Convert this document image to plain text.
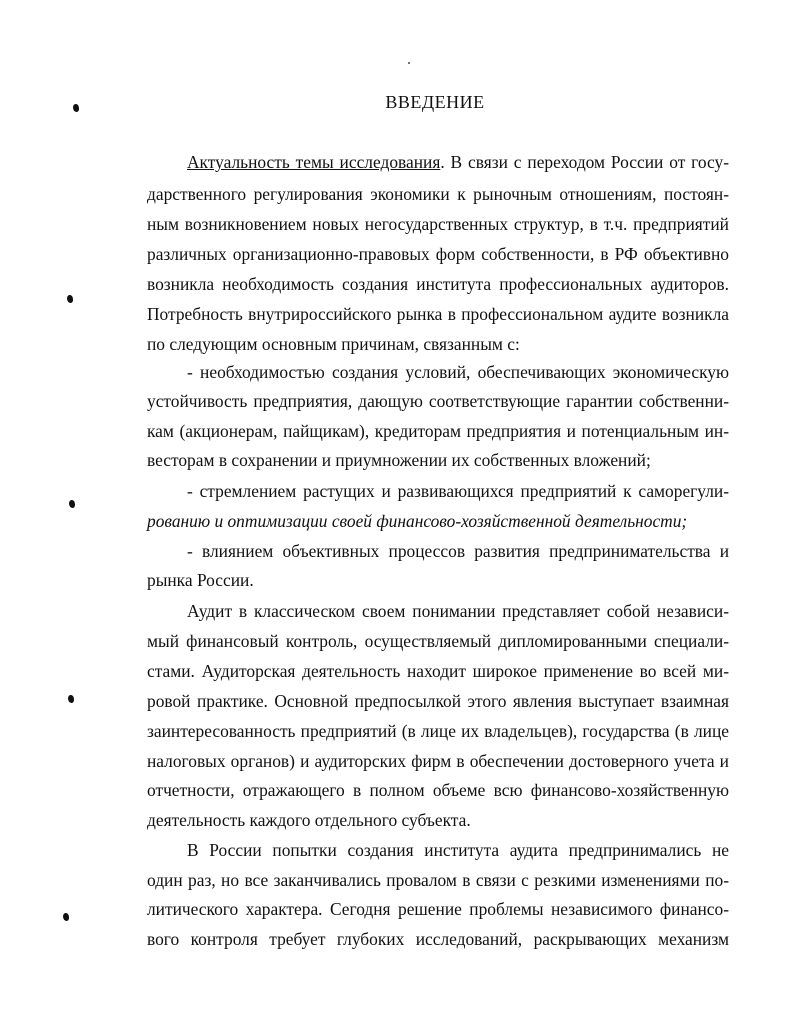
ВВЕДЕНИЕ
Актуальность темы исследования. В связи с переходом России от госу-
дарственного регулирования экономики к рыночным отношениям, постоян-
ным возникновением новых негосударственных структур, в т.ч. предприятий
различных организационно-правовых форм собственности, в РФ объективно
возникла необходимость создания института профессиональных аудиторов.
Потребность внутрироссийского рынка в профессиональном аудите возникла
по следующим основным причинам, связанным с:
- необходимостью создания условий, обеспечивающих экономическую
устойчивость предприятия, дающую соответствующие гарантии собственни-
кам (акционерам, пайщикам), кредиторам предприятия и потенциальным ин-
весторам в сохранении и приумножении их собственных вложений;
- стремлением растущих и развивающихся предприятий к саморегули-
рованию и оптимизации своей финансово-хозяйственной деятельности;
- влиянием объективных процессов развития предпринимательства и
рынка России.
Аудит в классическом своем понимании представляет собой независи-
мый финансовый контроль, осуществляемый дипломированными специали-
стами. Аудиторская деятельность находит широкое применение во всей ми-
ровой практике. Основной предпосылкой этого явления выступает взаимная
заинтересованность предприятий (в лице их владельцев), государства (в лице
налоговых органов) и аудиторских фирм в обеспечении достоверного учета и
отчетности, отражающего в полном объеме всю финансово-хозяйственную
деятельность каждого отдельного субъекта.
В России попытки создания института аудита предпринимались не
один раз, но все заканчивались провалом в связи с резкими изменениями по-
литического характера. Сегодня решение проблемы независимого финансо-
вого контроля требует глубоких исследований, раскрывающих механизм
